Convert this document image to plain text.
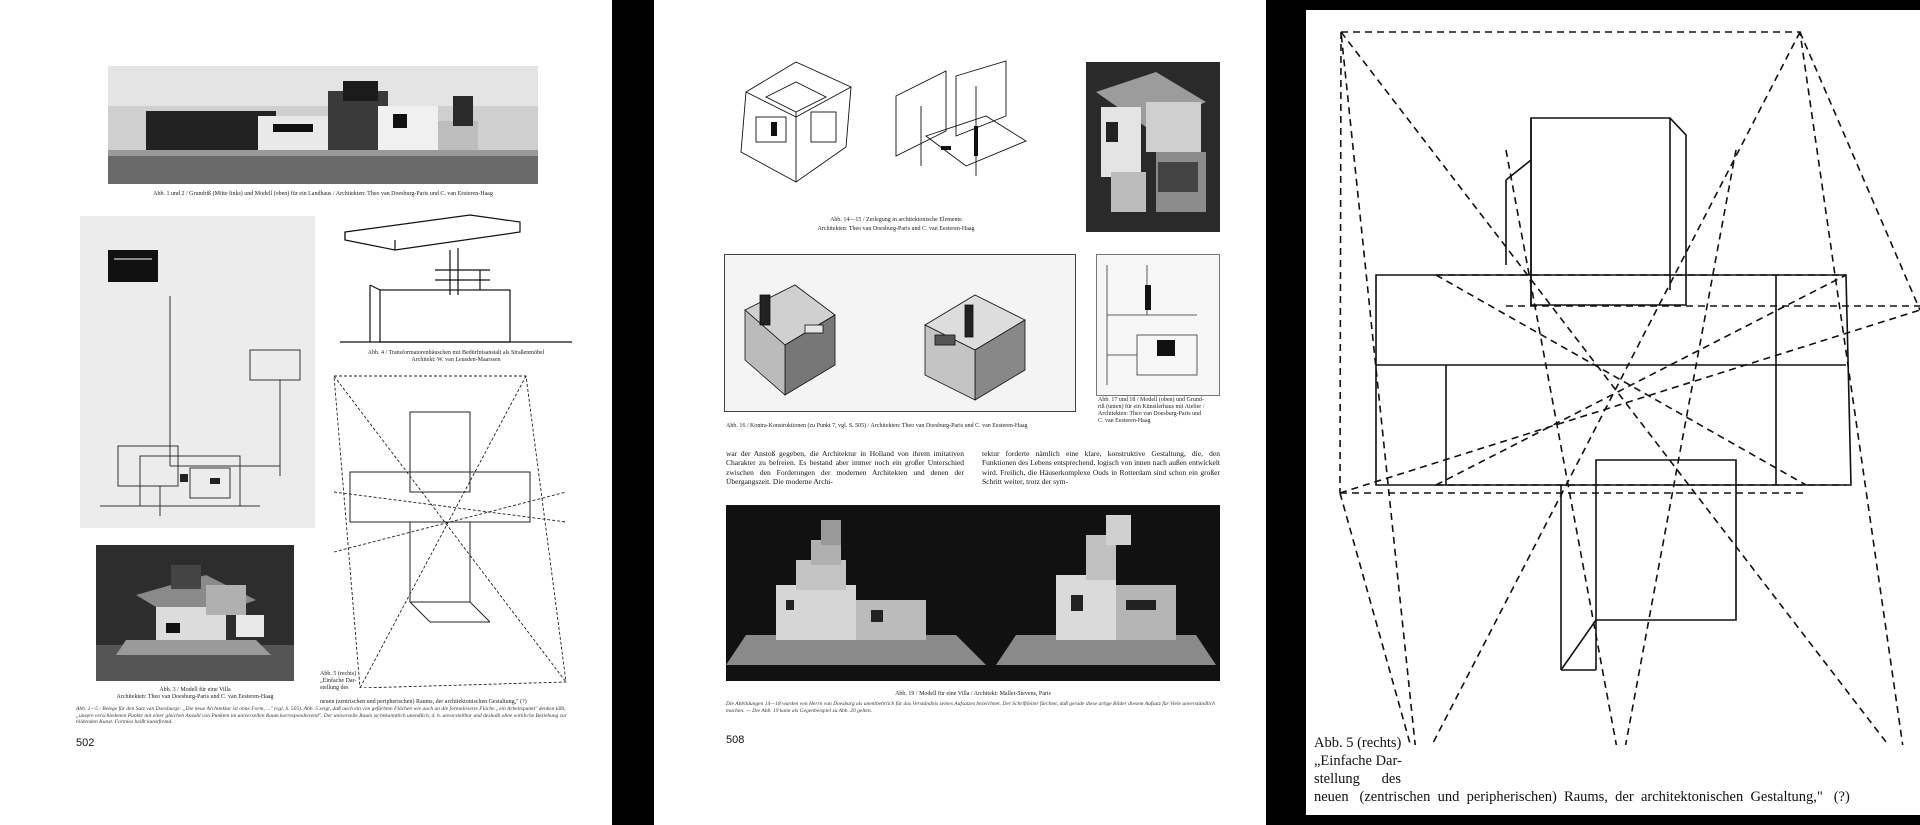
Abb. 1 und 2 / Grundriß (Mitte links) und Modell (oben) für ein Landhaus / Architekten: Theo van Doesburg-Paris und C. van Eesteren-Haag
Abb. 4 / Transformatorenhäuschen mit Bedürfnisanstalt als Straßenmöbel
Architekt: W. van Leusden-Maarssen
Abb. 3 / Modell für eine Villa
Architekten: Theo van Doesburg-Paris und C. van Eesteren-Haag
Abb. 5 (rechts)
„Einfache Dar-
stellung des
neuen (zentrischen und peripherischen) Raums, der architektonischen Gestaltung," (?)
Abb. 1—5 / Belege für den Satz van Doesburgs: „Die neue Architektur ist ohne Form, ..." (vgl. S. 505). Abb. 5 zeigt, daß auch ein von gefärbten Flächen wie auch an die formalisierte Fläche „ein Arbeitspunkt" denken läßt, „unsere verschiedenen Punkte mit einer gleichen Anzahl von Punkten im universellen Raum korrespondierend". Der universelle Raum ist bekanntlich unendlich, d. h. unvorstellbar und deshalb ohne wirkliche Beziehung zur bildenden Kunst. Formlos heißt kunstfremd.
502
Abb. 14—15 / Zerlegung in architektonische Elemente
Architekten: Theo van Doesburg-Paris und C. van Eesteren-Haag
Abb. 17 und 18 / Modell (oben) und Grund-
riß (unten) für ein Künstlerhaus mit Atelier /
Architekten: Theo van Doesburg-Paris und
C. van Eesteren-Haag
Abb. 16 / Kontra-Konstruktionen (zu Punkt 7, vgl. S. 505) / Architekten: Theo van Doesburg-Paris und C. van Eesteren-Haag
war der Anstoß gegeben, die Architektur in Holland von ihrem imitativen Charakter zu befreien. Es bestand aber immer noch ein großer Unterschied zwischen den Forderungen der modernen Architekten und denen der Übergangszeit. Die moderne Archi-
tektur forderte nämlich eine klare, konstruktive Gestaltung, die, den Funktionen des Lebens entsprechend, logisch von innen nach außen entwickelt wird. Freilich, die Häuserkomplexe Ouds in Rotterdam sind schon ein großer Schritt weiter, trotz der sym-
Abb. 19 / Modell für eine Villa / Architekt: Mallet-Stevens, Paris
Die Abbildungen 14—18 wurden von Herrn van Doesburg als unentbehrlich für das Verständnis seines Aufsatzes bezeichnet. Der Schriftleiter fürchtet, daß gerade diese artige Bilder diesem Aufsatz für Viele unverständlich machen. — Die Abb. 19 kann als Gegenbeispiel zu Abb. 20 gelten.
508	Abb. 5 (rechts)
„Einfache Dar-
stellung      des
neuen   (zentrischen  und  peripherischen)  Raums,  der  architektonischen  Gestaltung,"   (?)
